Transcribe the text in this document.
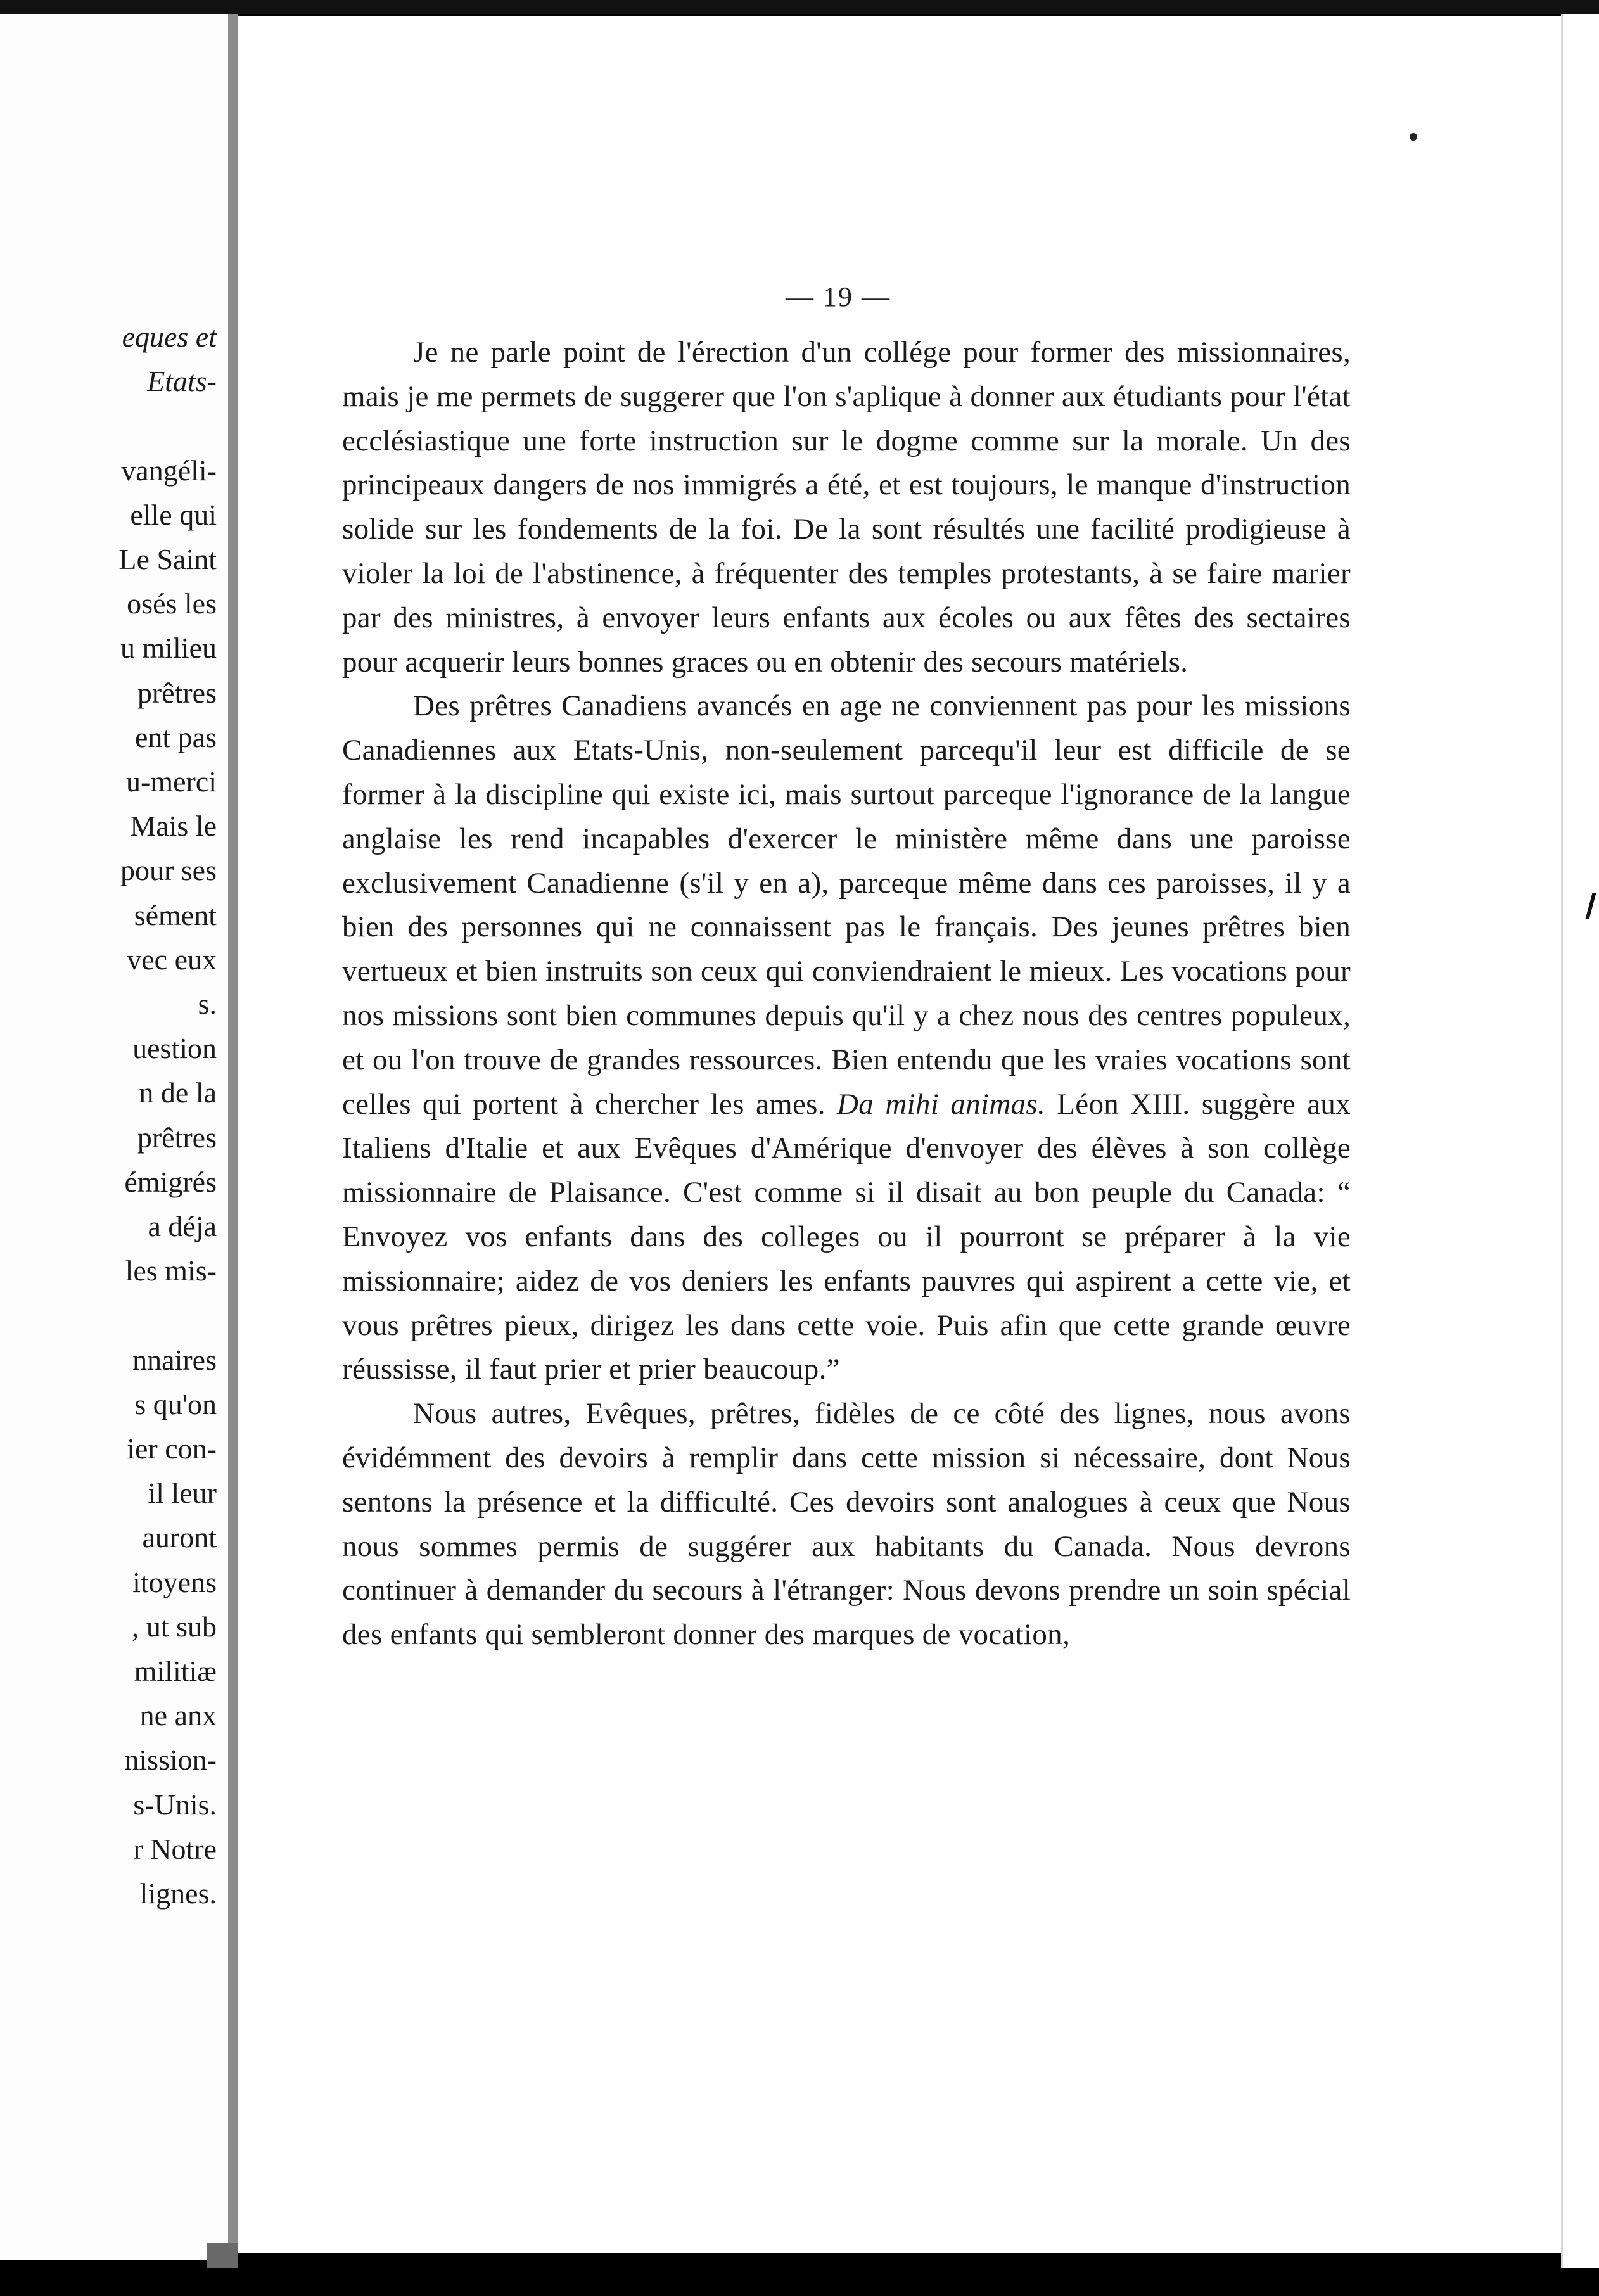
eques et
Etats-
vangéli-
elle qui
Le Saint
osés les
u milieu
prêtres
ent pas
u-merci
Mais le
pour ses
sément
vec eux
s.
uestion
n de la
prêtres
émigrés
a déja
les mis-
nnaires
s qu'on
ier con-
il leur
auront
itoyens
, ut sub
militiæ
ne anx
nission-
s-Unis.
r Notre
lignes.
— 19 —

Je ne parle point de l'érection d'un collége pour former des missionnaires, mais je me permets de suggerer que l'on s'aplique à donner aux étudiants pour l'état ecclésiastique une forte instruction sur le dogme comme sur la morale. Un des principeaux dangers de nos immigrés a été, et est toujours, le manque d'instruction solide sur les fondements de la foi. De la sont résultés une facilité prodigieuse à violer la loi de l'abstinence, à fréquenter des temples protestants, à se faire marier par des ministres, à envoyer leurs enfants aux écoles ou aux fêtes des sectaires pour acquerir leurs bonnes graces ou en obtenir des secours matériels.

Des prêtres Canadiens avancés en age ne conviennent pas pour les missions Canadiennes aux Etats-Unis, non-seulement parcequ'il leur est difficile de se former à la discipline qui existe ici, mais surtout parceque l'ignorance de la langue anglaise les rend incapables d'exercer le ministère même dans une paroisse exclusivement Canadienne (s'il y en a), parceque même dans ces paroisses, il y a bien des personnes qui ne connaissent pas le français. Des jeunes prêtres bien vertueux et bien instruits son ceux qui conviendraient le mieux. Les vocations pour nos missions sont bien communes depuis qu'il y a chez nous des centres populeux, et ou l'on trouve de grandes ressources. Bien entendu que les vraies vocations sont celles qui portent à chercher les ames. Da mihi animas. Léon XIII. suggère aux Italiens d'Italie et aux Evêques d'Amérique d'envoyer des élèves à son collège missionnaire de Plaisance. C'est comme si il disait au bon peuple du Canada: “ Envoyez vos enfants dans des colleges ou il pourront se préparer à la vie missionnaire; aidez de vos deniers les enfants pauvres qui aspirent a cette vie, et vous prêtres pieux, dirigez les dans cette voie. Puis afin que cette grande œuvre réussisse, il faut prier et prier beaucoup.”

Nous autres, Evêques, prêtres, fidèles de ce côté des lignes, nous avons évidémment des devoirs à remplir dans cette mission si nécessaire, dont Nous sentons la présence et la difficulté. Ces devoirs sont analogues à ceux que Nous nous sommes permis de suggérer aux habitants du Canada. Nous devrons continuer à demander du secours à l'étranger: Nous devons prendre un soin spécial des enfants qui sembleront donner des marques de vocation,
